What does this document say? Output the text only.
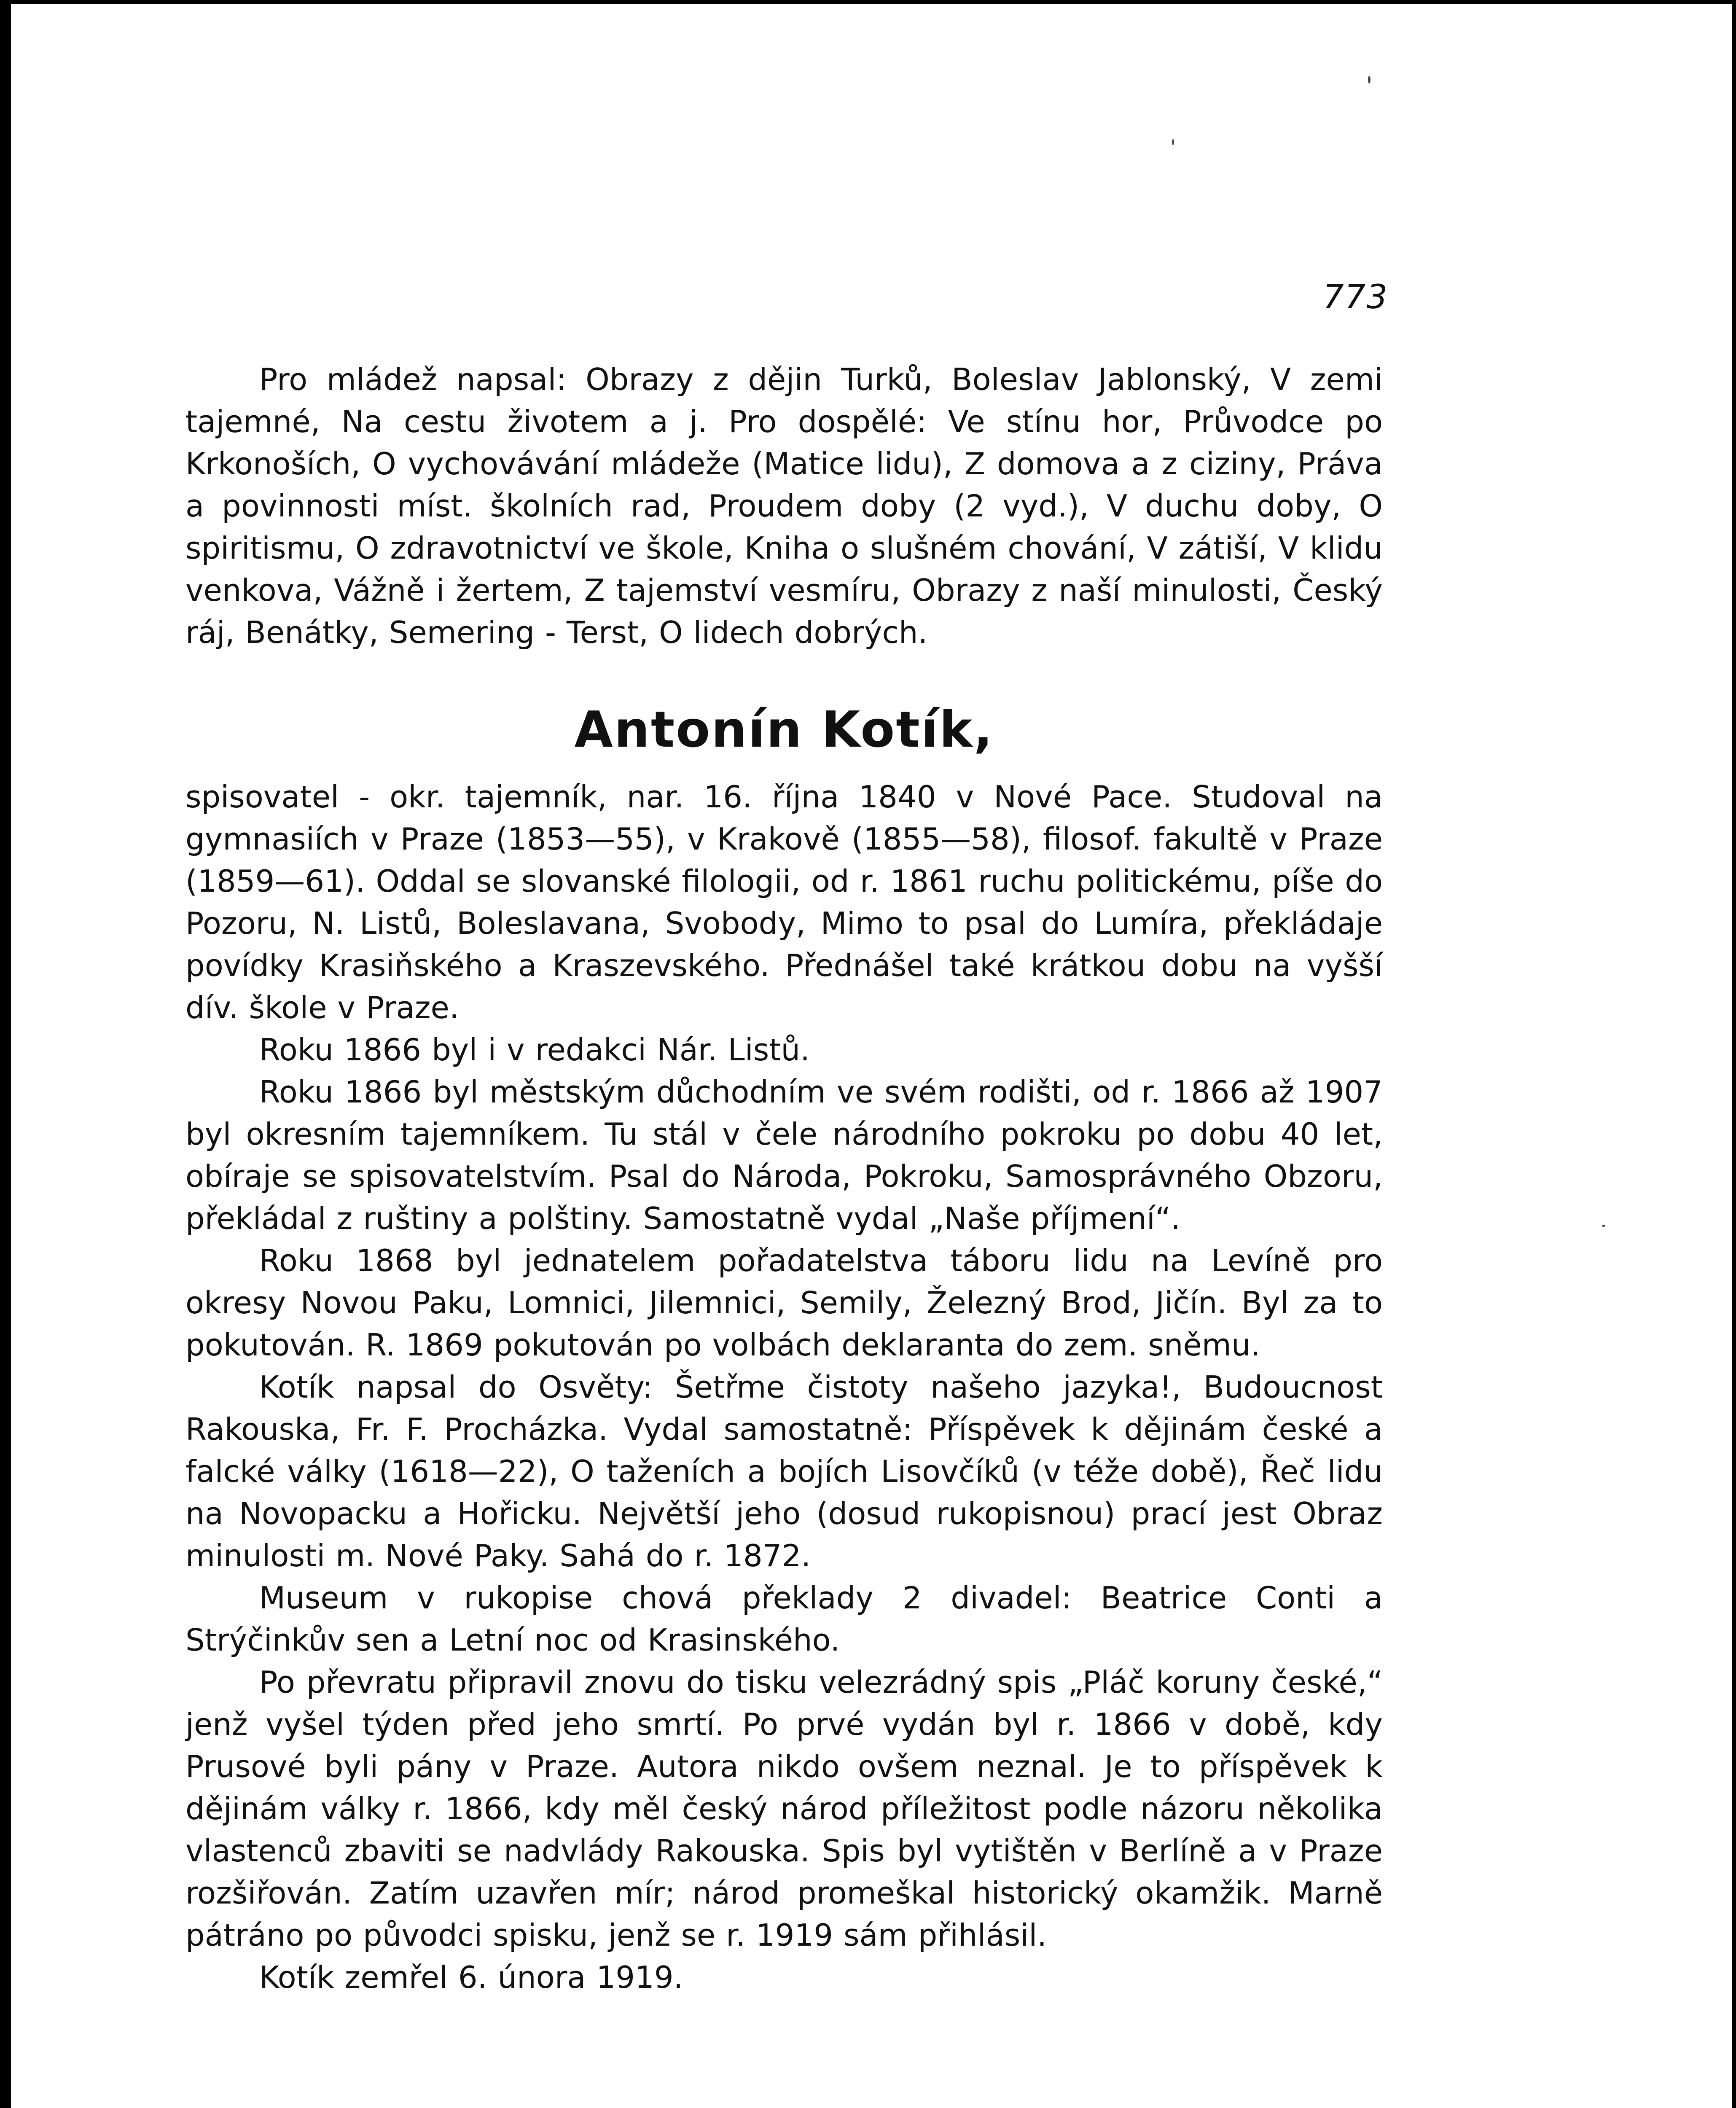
773

Pro mládež napsal: Obrazy z dějin Turků, Boleslav Jablonský, V zemi tajemné, Na cestu životem a j. Pro dospělé: Ve stínu hor, Průvodce po Krkonoších, O vychovávání mládeže (Matice lidu), Z domova a z ciziny, Práva a povinnosti míst. školních rad, Proudem doby (2 vyd.), V duchu doby, O spiritismu, O zdravotnictví ve škole, Kniha o slušném chování, V zátiší, V klidu venkova, Vážně i žertem, Z tajemství vesmíru, Obrazy z naší minulosti, Český ráj, Benátky, Semering - Terst, O lidech dobrých.

Antonín Kotík,

spisovatel - okr. tajemník, nar. 16. října 1840 v Nové Pace. Studoval na gymnasiích v Praze (1853—55), v Krakově (1855—58), filosof. fakultě v Praze (1859—61). Oddal se slovanské filologii, od r. 1861 ruchu politickému, píše do Pozoru, N. Listů, Boleslavana, Svobody, Mimo to psal do Lumíra, překládaje povídky Krasiňského a Kraszevského. Přednášel také krátkou dobu na vyšší dív. škole v Praze.

Roku 1866 byl i v redakci Nár. Listů.

Roku 1866 byl městským důchodním ve svém rodišti, od r. 1866 až 1907 byl okresním tajemníkem. Tu stál v čele národního pokroku po dobu 40 let, obíraje se spisovatelstvím. Psal do Národa, Pokroku, Samosprávného Obzoru, překládal z ruštiny a polštiny. Samostatně vydal „Naše příjmení“.

Roku 1868 byl jednatelem pořadatelstva táboru lidu na Levíně pro okresy Novou Paku, Lomnici, Jilemnici, Semily, Železný Brod, Jičín. Byl za to pokutován. R. 1869 pokutován po volbách deklaranta do zem. sněmu.

Kotík napsal do Osvěty: Šetřme čistoty našeho jazyka!, Budoucnost Rakouska, Fr. F. Procházka. Vydal samostatně: Příspěvek k dějinám české a falcké války (1618—22), O taženích a bojích Lisovčíků (v téže době), Řeč lidu na Novopacku a Hořicku. Největší jeho (dosud rukopisnou) prací jest Obraz minulosti m. Nové Paky. Sahá do r. 1872.

Museum v rukopise chová překlady 2 divadel: Beatrice Conti a Strýčinkův sen a Letní noc od Krasinského.

Po převratu připravil znovu do tisku velezrádný spis „Pláč koruny české,“ jenž vyšel týden před jeho smrtí. Po prvé vydán byl r. 1866 v době, kdy Prusové byli pány v Praze. Autora nikdo ovšem neznal. Je to příspěvek k dějinám války r. 1866, kdy měl český národ příležitost podle názoru několika vlastenců zbaviti se nadvlády Rakouska. Spis byl vytištěn v Berlíně a v Praze rozšiřován. Zatím uzavřen mír; národ promeškal historický okamžik. Marně pátráno po původci spisku, jenž se r. 1919 sám přihlásil.

Kotík zemřel 6. února 1919.
